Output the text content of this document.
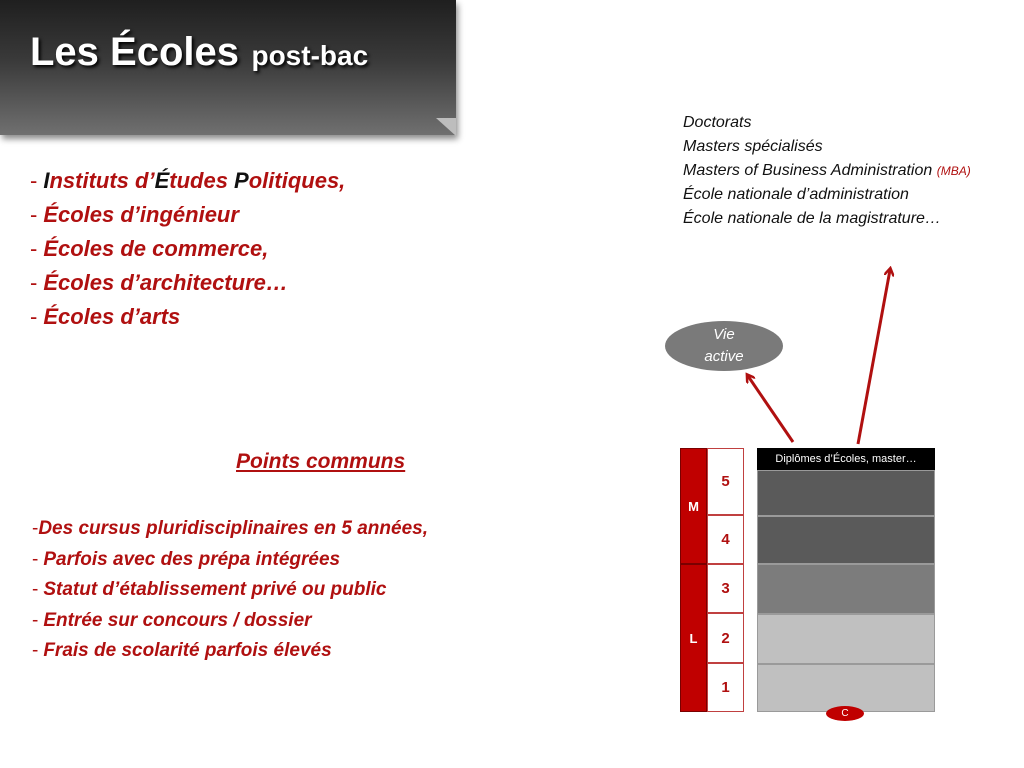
Les Écoles post-bac
- Instituts d’Études Politiques,
- Écoles d’ingénieur
- Écoles de commerce,
- Écoles d’architecture…
- Écoles d’arts
Doctorats
Masters spécialisés
Masters of Business Administration (MBA)
École nationale d’administration
École nationale de la magistrature…
Points communs
-Des cursus pluridisciplinaires en 5 années,
- Parfois avec des prépa intégrées
- Statut d’établissement privé ou public
- Entrée sur concours / dossier
- Frais de scolarité parfois élevés
Vie active
M
L
5
4
3
2
1
Diplômes d’Écoles, master…
C
